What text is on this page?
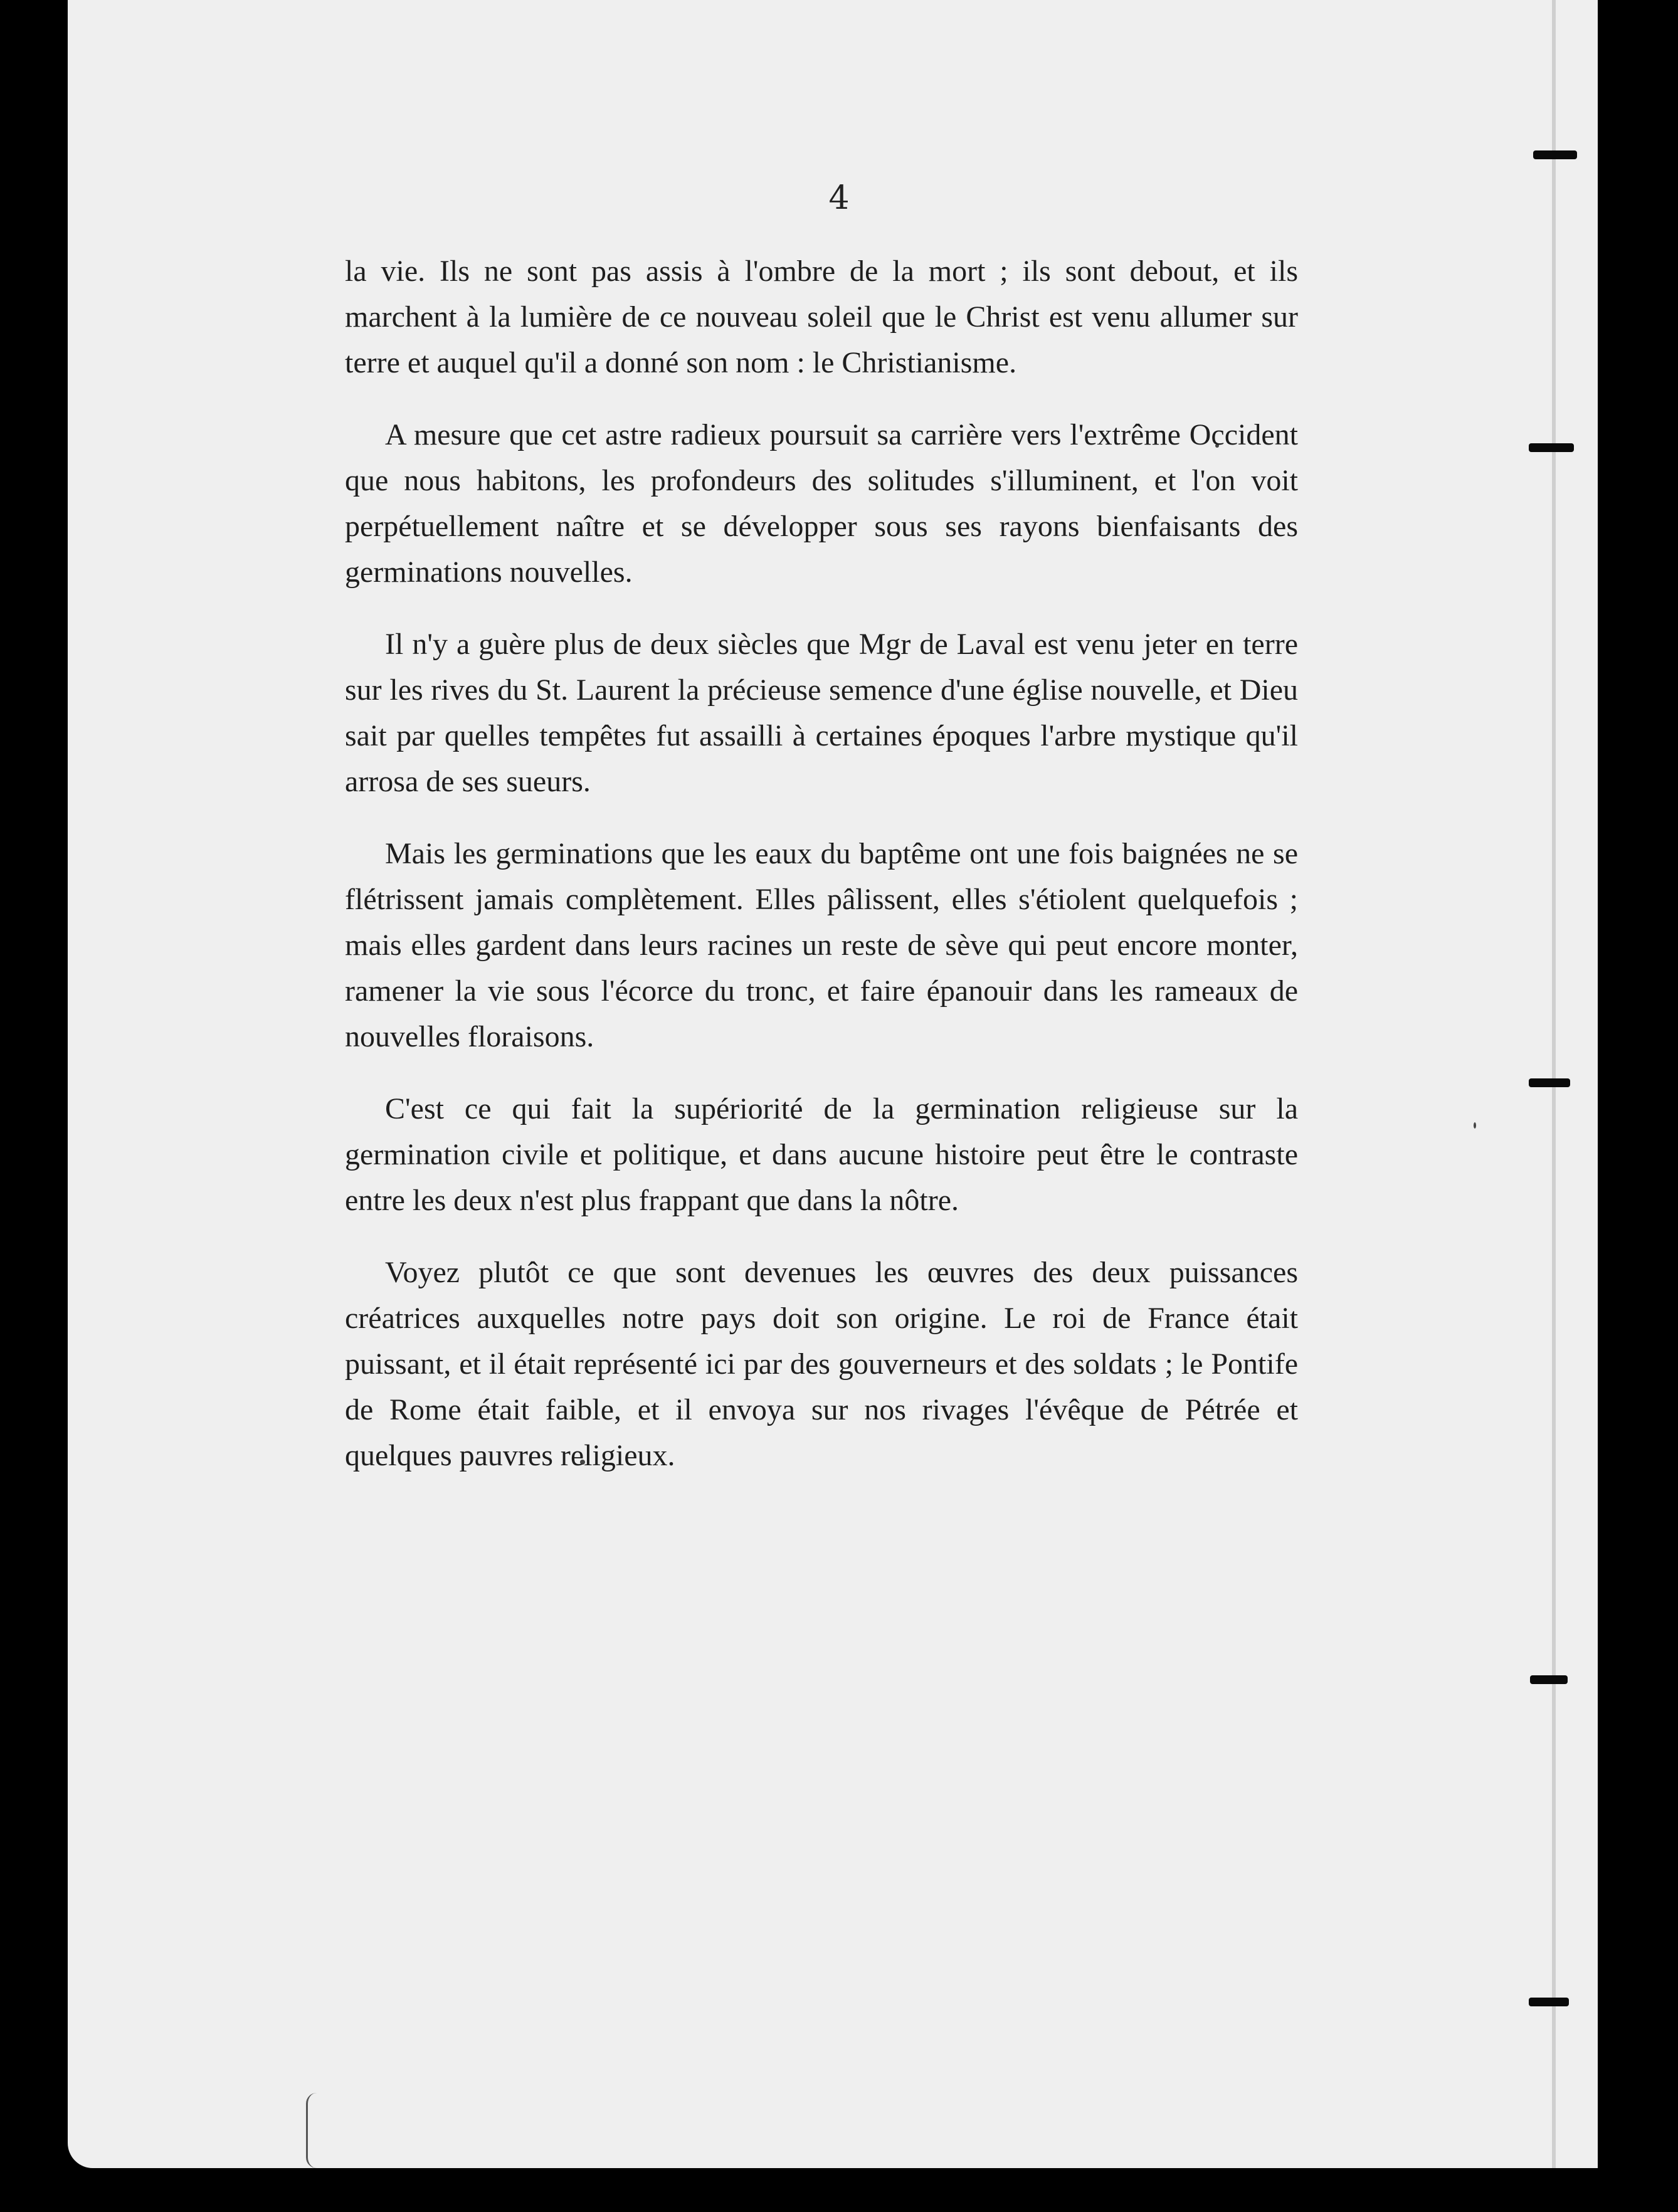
4

la vie. Ils ne sont pas assis à l'ombre de la mort ; ils sont debout, et ils marchent à la lumière de ce nouveau soleil que le Christ est venu allumer sur terre et auquel qu'il a donné son nom : le Christianisme.

A mesure que cet astre radieux poursuit sa carrière vers l'extrême Occident que nous habitons, les profondeurs des solitudes s'illuminent, et l'on voit perpétuellement naître et se développer sous ses rayons bienfaisants des germinations nouvelles.

Il n'y a guère plus de deux siècles que Mgr de Laval est venu jeter en terre sur les rives du St. Laurent la précieuse semence d'une église nouvelle, et Dieu sait par quelles tempêtes fut assailli à certaines époques l'arbre mystique qu'il arrosa de ses sueurs.

Mais les germinations que les eaux du baptême ont une fois baignées ne se flétrissent jamais complètement. Elles pâlissent, elles s'étiolent quelquefois ; mais elles gardent dans leurs racines un reste de sève qui peut encore monter, ramener la vie sous l'écorce du tronc, et faire épanouir dans les rameaux de nouvelles floraisons.

C'est ce qui fait la supériorité de la germination religieuse sur la germination civile et politique, et dans aucune histoire peut être le contraste entre les deux n'est plus frappant que dans la nôtre.

Voyez plutôt ce que sont devenues les œuvres des deux puissances créatrices auxquelles notre pays doit son origine. Le roi de France était puissant, et il était représenté ici par des gouverneurs et des soldats ; le Pontife de Rome était faible, et il envoya sur nos rivages l'évêque de Pétrée et quelques pauvres religieux.
